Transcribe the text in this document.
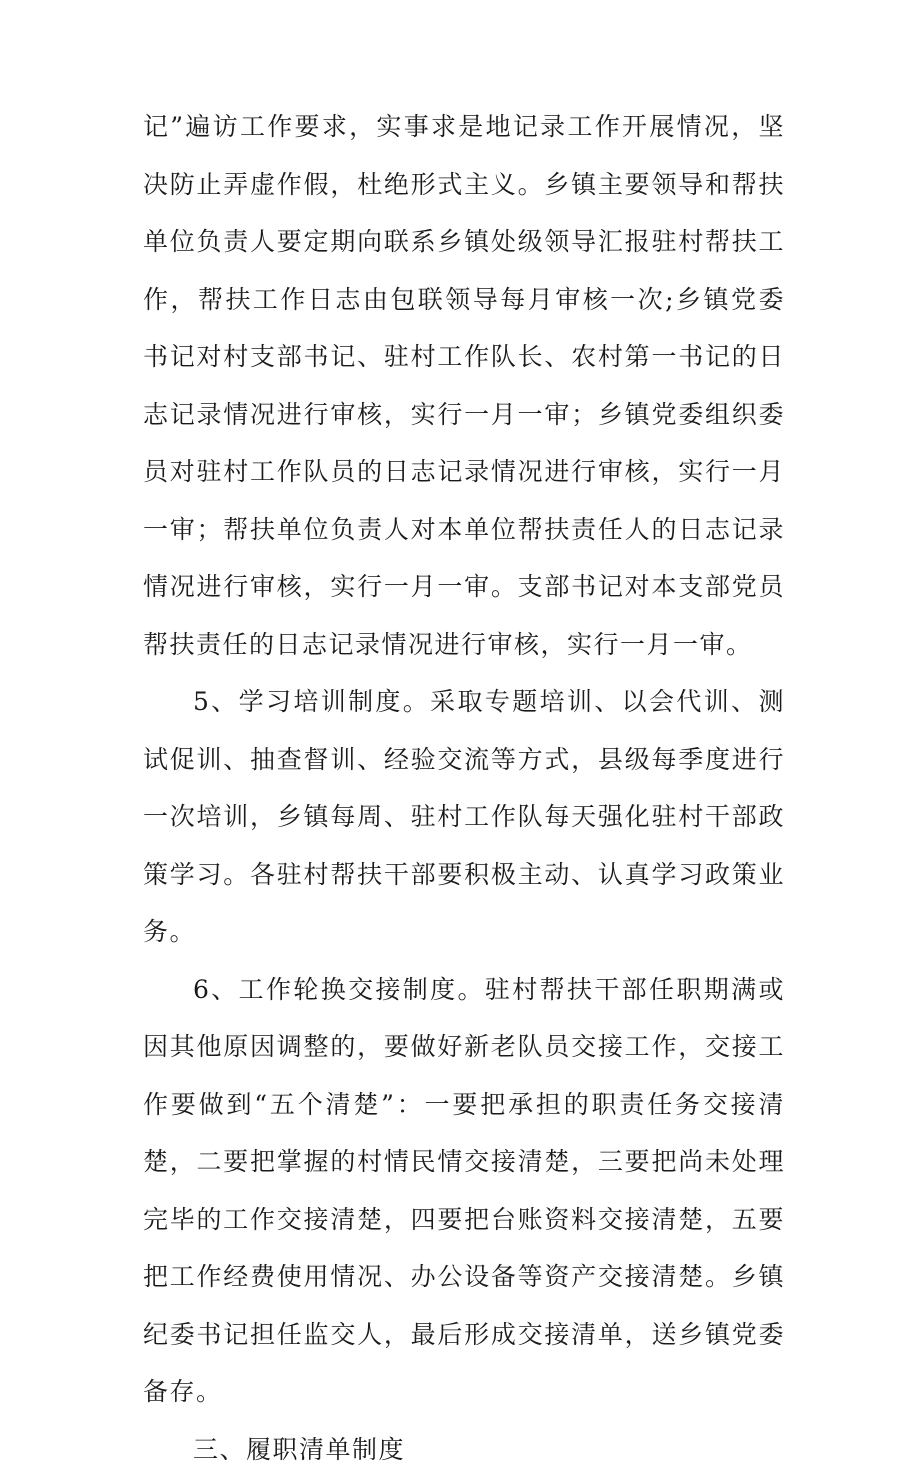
记”遍访工作要求，实事求是地记录工作开展情况，坚决防止弄虚作假，杜绝形式主义。乡镇主要领导和帮扶单位负责人要定期向联系乡镇处级领导汇报驻村帮扶工作，帮扶工作日志由包联领导每月审核一次;乡镇党委书记对村支部书记、驻村工作队长、农村第一书记的日志记录情况进行审核，实行一月一审；乡镇党委组织委员对驻村工作队员的日志记录情况进行审核，实行一月一审；帮扶单位负责人对本单位帮扶责任人的日志记录情况进行审核，实行一月一审。支部书记对本支部党员帮扶责任的日志记录情况进行审核，实行一月一审。

5、学习培训制度。采取专题培训、以会代训、测试促训、抽查督训、经验交流等方式，县级每季度进行一次培训，乡镇每周、驻村工作队每天强化驻村干部政策学习。各驻村帮扶干部要积极主动、认真学习政策业务。

6、工作轮换交接制度。驻村帮扶干部任职期满或因其他原因调整的，要做好新老队员交接工作，交接工作要做到“五个清楚”：一要把承担的职责任务交接清楚，二要把掌握的村情民情交接清楚，三要把尚未处理完毕的工作交接清楚，四要把台账资料交接清楚，五要把工作经费使用情况、办公设备等资产交接清楚。乡镇纪委书记担任监交人，最后形成交接清单，送乡镇党委备存。

三、履职清单制度
